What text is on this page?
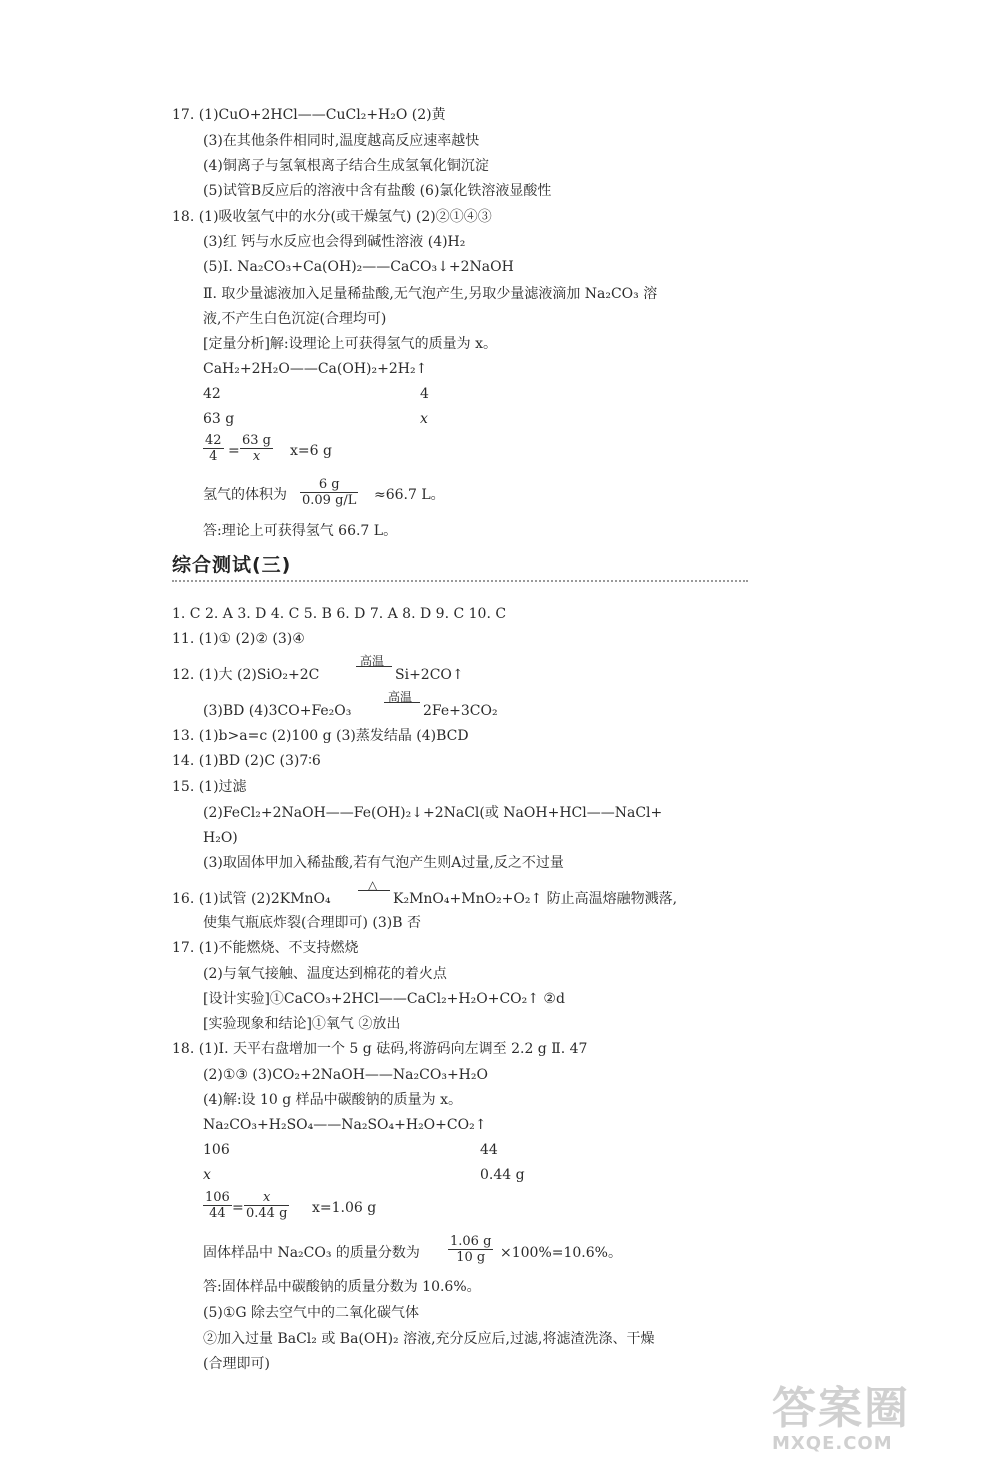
17. (1)CuO+2HCl——CuCl₂+H₂O (2)黄
(3)在其他条件相同时,温度越高反应速率越快
(4)铜离子与氢氧根离子结合生成氢氧化铜沉淀
(5)试管B反应后的溶液中含有盐酸 (6)氯化铁溶液显酸性
18. (1)吸收氢气中的水分(或干燥氢气) (2)②①④③
(3)红 钙与水反应也会得到碱性溶液 (4)H₂
(5)Ⅰ. Na₂CO₃+Ca(OH)₂——CaCO₃↓+2NaOH
Ⅱ. 取少量滤液加入足量稀盐酸,无气泡产生,另取少量滤液滴加 Na₂CO₃ 溶
液,不产生白色沉淀(合理均可)
[定量分析]解:设理论上可获得氢气的质量为 x。
CaH₂+2H₂O——Ca(OH)₂+2H₂↑
42	4
63 g	x
$\frac{42}{4} = \frac{63 g}{x} x=6$ g
氢气的体积为 $\frac{6 g}{0.09 g/L} \approx 66.7$ L。
答:理论上可获得氢气 66.7 L。
综合测试(三)
1. C 2. A 3. D 4. C 5. B 6. D 7. A 8. D 9. C 10. C
11. (1)① (2)② (3)④
12. (1)大 (2)SiO₂+2C
高温
Si+2CO↑
(3)BD (4)3CO+Fe₂O₃
高温
2Fe+3CO₂
13. (1)b>a=c (2)100 g (3)蒸发结晶 (4)BCD
14. (1)BD (2)C (3)7∶6
15. (1)过滤
(2)FeCl₂+2NaOH——Fe(OH)₂↓+2NaCl(或 NaOH+HCl——NaCl+
H₂O)
(3)取固体甲加入稀盐酸,若有气泡产生则A过量,反之不过量
16. (1)试管 (2)2KMnO₄
△
K₂MnO₄+MnO₂+O₂↑ 防止高温熔融物溅落,
使集气瓶底炸裂(合理即可) (3)B 否
17. (1)不能燃烧、不支持燃烧
(2)与氧气接触、温度达到棉花的着火点
[设计实验]①CaCO₃+2HCl——CaCl₂+H₂O+CO₂↑ ②d
[实验现象和结论]①氧气 ②放出
18. (1)Ⅰ. 天平右盘增加一个 5 g 砝码,将游码向左调至 2.2 g Ⅱ. 47
(2)①③ (3)CO₂+2NaOH——Na₂CO₃+H₂O
(4)解:设 10 g 样品中碳酸钠的质量为 x。
Na₂CO₃+H₂SO₄——Na₂SO₄+H₂O+CO₂↑
106	44
x	0.44 g
$\frac{106}{44} = \frac{x}{0.44 g} x=1.06$ g
固体样品中 Na₂CO₃ 的质量分数为 $\frac{1.06 g}{10 g} \times 100\%=10.6\%$。
答:固体样品中碳酸钠的质量分数为 10.6%。
(5)①G 除去空气中的二氧化碳气体
②加入过量 BaCl₂ 或 Ba(OH)₂ 溶液,充分反应后,过滤,将滤渣洗涤、干燥
(合理即可)
答案圈
MXQE.COM
